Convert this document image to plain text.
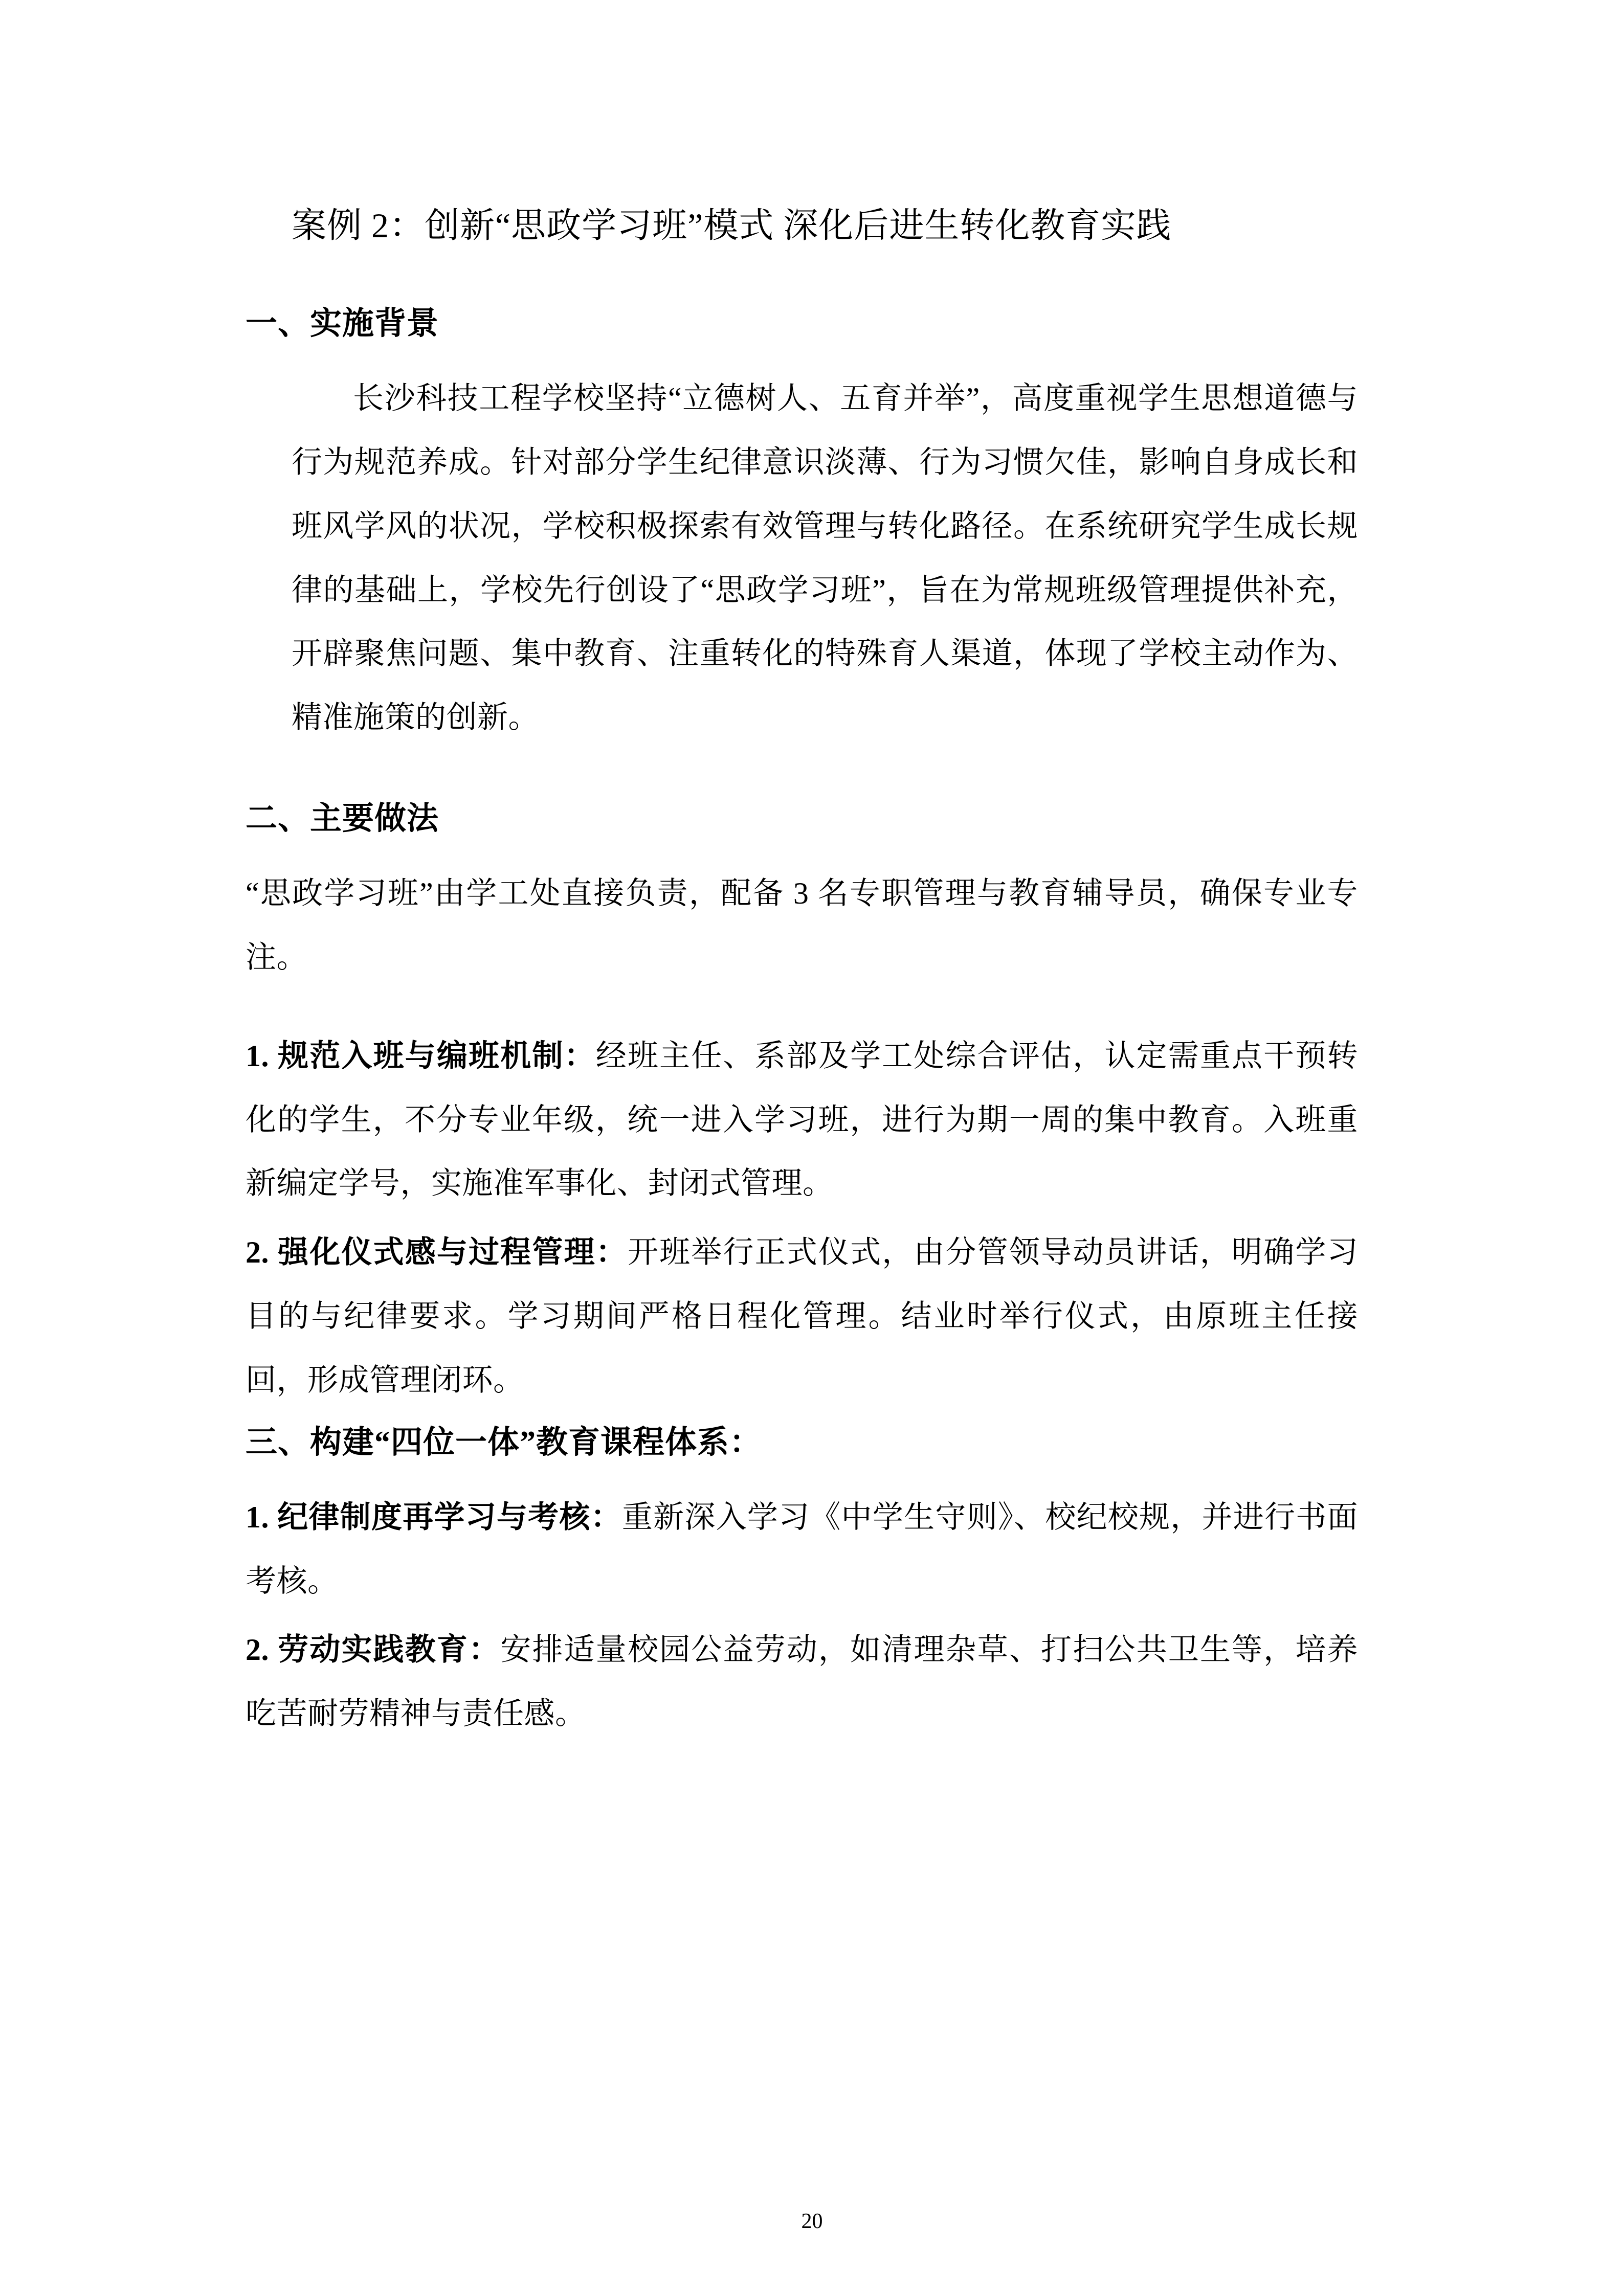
案例 2：创新“思政学习班”模式 深化后进生转化教育实践
一、实施背景

长沙科技工程学校坚持“立德树人、五育并举”，高度重视学生思想道德与行为规范养成。针对部分学生纪律意识淡薄、行为习惯欠佳，影响自身成长和班风学风的状况，学校积极探索有效管理与转化路径。在系统研究学生成长规律的基础上，学校先行创设了“思政学习班”，旨在为常规班级管理提供补充，开辟聚焦问题、集中教育、注重转化的特殊育人渠道，体现了学校主动作为、精准施策的创新。

二、主要做法

“思政学习班”由学工处直接负责，配备 3 名专职管理与教育辅导员，确保专业专注。

1. 规范入班与编班机制：经班主任、系部及学工处综合评估，认定需重点干预转化的学生，不分专业年级，统一进入学习班，进行为期一周的集中教育。入班重新编定学号，实施准军事化、封闭式管理。

2. 强化仪式感与过程管理：开班举行正式仪式，由分管领导动员讲话，明确学习目的与纪律要求。学习期间严格日程化管理。结业时举行仪式，由原班主任接回，形成管理闭环。

三、构建“四位一体”教育课程体系：

1. 纪律制度再学习与考核：重新深入学习《中学生守则》、校纪校规，并进行书面考核。

2. 劳动实践教育：安排适量校园公益劳动，如清理杂草、打扫公共卫生等，培养吃苦耐劳精神与责任感。

20
